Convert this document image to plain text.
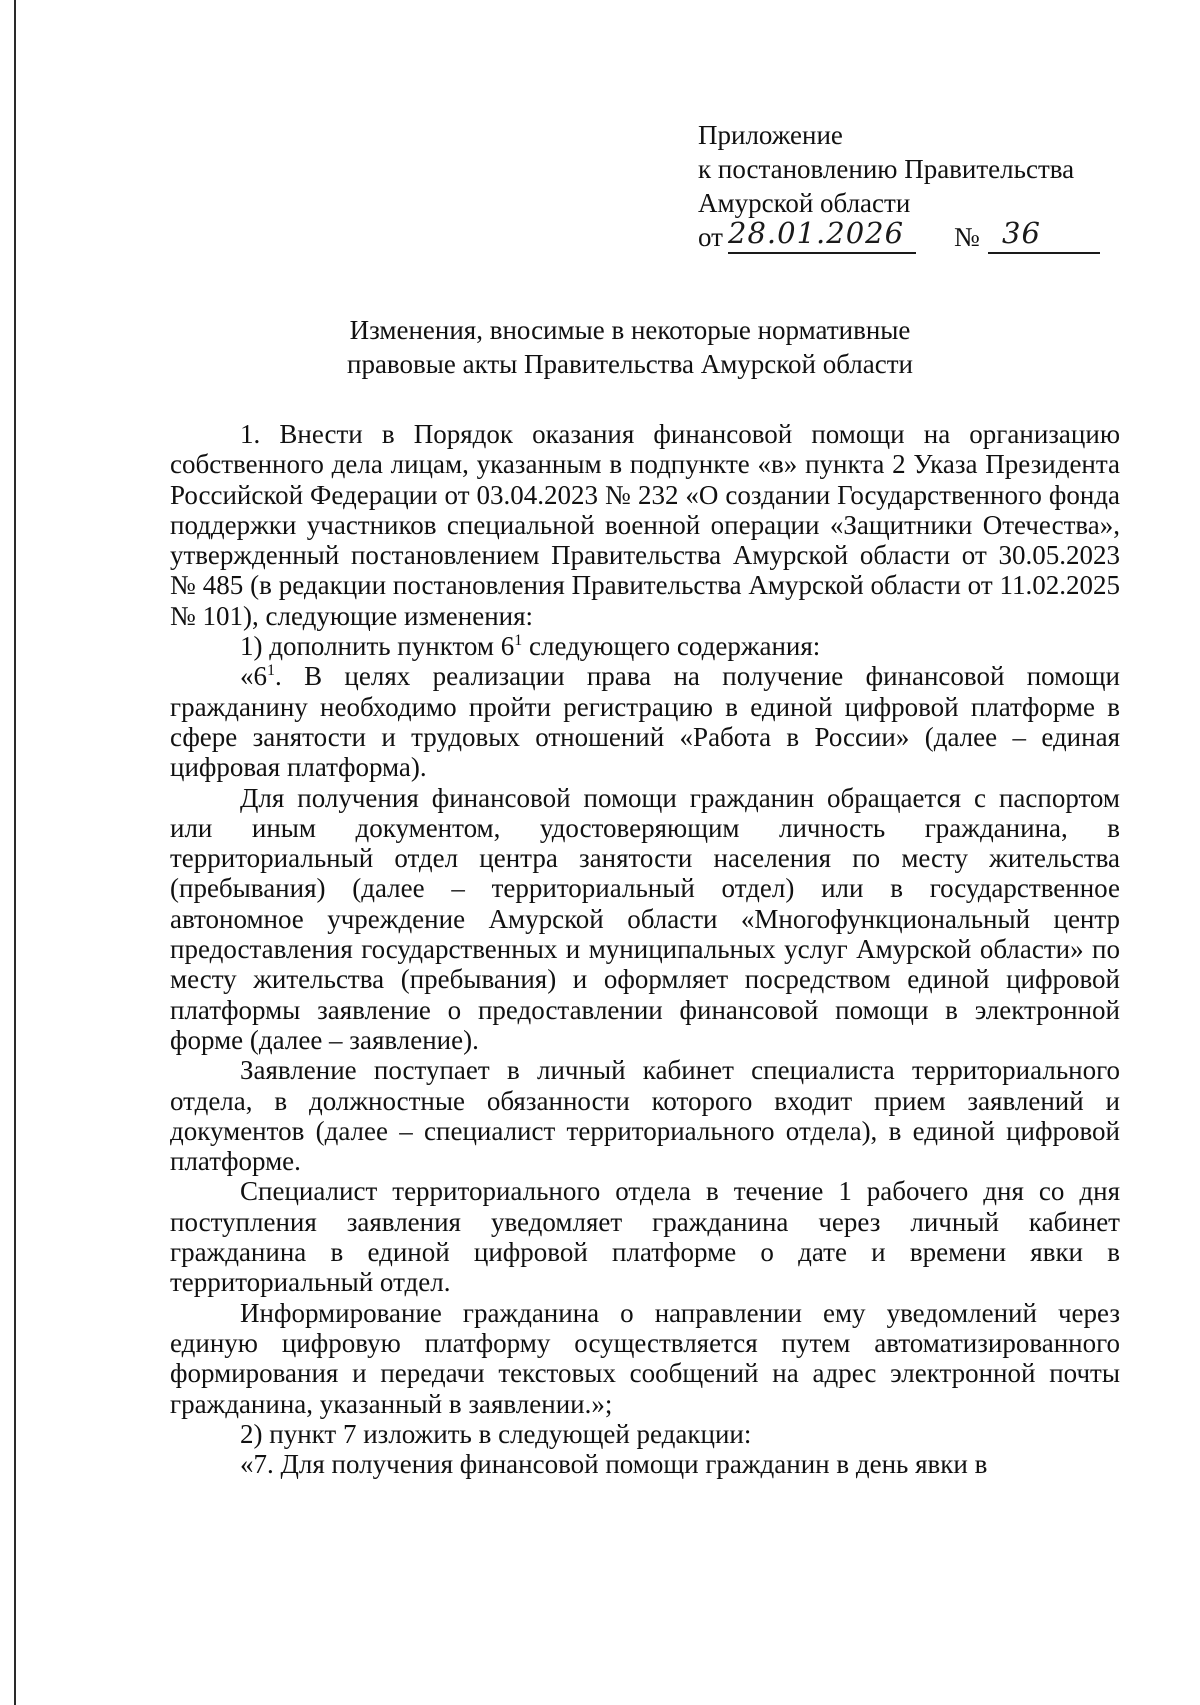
Приложение
к постановлению Правительства
Амурской области
от 28.01.2026 № 36
Изменения, вносимые в некоторые нормативные
правовые акты Правительства Амурской области

1. Внести в Порядок оказания финансовой помощи на организацию собственного дела лицам, указанным в подпункте «в» пункта 2 Указа Президента Российской Федерации от 03.04.2023 № 232 «О создании Государственного фонда поддержки участников специальной военной операции «Защитники Отечества», утвержденный постановлением Правительства Амурской области от 30.05.2023 № 485 (в редакции постановления Правительства Амурской области от 11.02.2025 № 101), следующие изменения:

1) дополнить пунктом $6^1$ следующего содержания:

«$6^1$. В целях реализации права на получение финансовой помощи гражданину необходимо пройти регистрацию в единой цифровой платформе в сфере занятости и трудовых отношений «Работа в России» (далее – единая цифровая платформа).

Для получения финансовой помощи гражданин обращается с паспортом или иным документом, удостоверяющим личность гражданина, в территориальный отдел центра занятости населения по месту жительства (пребывания) (далее – территориальный отдел) или в государственное автономное учреждение Амурской области «Многофункциональный центр предоставления государственных и муниципальных услуг Амурской области» по месту жительства (пребывания) и оформляет посредством единой цифровой платформы заявление о предоставлении финансовой помощи в электронной форме (далее – заявление).

Заявление поступает в личный кабинет специалиста территориального отдела, в должностные обязанности которого входит прием заявлений и документов (далее – специалист территориального отдела), в единой цифровой платформе.

Специалист территориального отдела в течение 1 рабочего дня со дня поступления заявления уведомляет гражданина через личный кабинет гражданина в единой цифровой платформе о дате и времени явки в территориальный отдел.

Информирование гражданина о направлении ему уведомлений через единую цифровую платформу осуществляется путем автоматизированного формирования и передачи текстовых сообщений на адрес электронной почты гражданина, указанный в заявлении.»;

2) пункт 7 изложить в следующей редакции:

«7. Для получения финансовой помощи гражданин в день явки в
